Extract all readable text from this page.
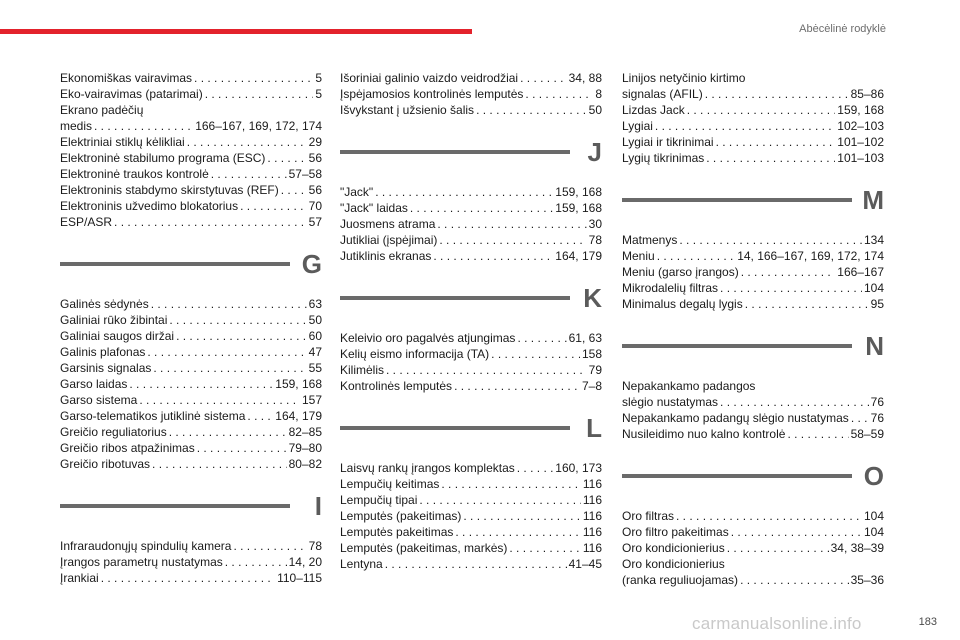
Abėcėlinė rodyklė
Ekonomiškas vairavimas . . .	5
Eko-vairavimas (patarimai) . . .	5
Ekrano padėčių
medis . . .	166–167, 169, 172, 174
Elektriniai stiklų kėlikliai . . .	29
Elektroninė stabilumo programa (ESC) . . .	56
Elektroninė traukos kontrolė . . .	57–58
Elektroninis stabdymo skirstytuvas (REF) . . . 56
Elektroninis užvedimo blokatorius . . .	70
ESP/ASR . . .	57
G
Galinės sėdynės . . .	63
Galiniai rūko žibintai . . .	50
Galiniai saugos diržai . . .	60
Galinis plafonas . . .	47
Garsinis signalas . . .	55
Garso laidas . . .	159, 168
Garso sistema . . .	157
Garso-telematikos jutiklinė sistema . . . 164, 179
Greičio reguliatorius . . .	82–85
Greičio ribos atpažinimas . . .	79–80
Greičio ribotuvas . . .	80–82
I
Infraraudonųjų spindulių kamera . . .	78
Įrangos parametrų nustatymas . . .	14, 20
Įrankiai . . .	110–115
Išoriniai galinio vaizdo veidrodžiai . . .	34, 88
Įspėjamosios kontrolinės lemputės . . .	8
Išvykstant į užsienio šalis . . .	50
J
"Jack" . . .	159, 168
"Jack" laidas . . .	159, 168
Juosmens atrama . . .	30
Jutikliai (įspėjimai) . . .	78
Jutiklinis ekranas . . .	164, 179
K
Keleivio oro pagalvės atjungimas . . .	61, 63
Kelių eismo informacija (TA) . . .	158
Kilimėlis . . .	79
Kontrolinės lemputės . . .	7–8
L
Laisvų rankų įrangos komplektas . . .	160, 173
Lempučių keitimas . . .	116
Lempučių tipai . . .	116
Lemputės (pakeitimas) . . .	116
Lemputės pakeitimas . . .	116
Lemputės (pakeitimas, markės) . . .	116
Lentyna . . .	41–45
Linijos netyčinio kirtimo
signalas (AFIL) . . .	85–86
Lizdas Jack . . .	159, 168
Lygiai . . .	102–103
Lygiai ir tikrinimai . . .	101–102
Lygių tikrinimas . . .	101–103
M
Matmenys . . .	134
Meniu . . .	14, 166–167, 169, 172, 174
Meniu (garso įrangos) . . .	166–167
Mikrodalelių filtras . . .	104
Minimalus degalų lygis . . .	95
N
Nepakankamo padangos
slėgio nustatymas . . .	76
Nepakankamo padangų slėgio nustatymas . . . 76
Nusileidimo nuo kalno kontrolė . . .	58–59
O
Oro filtras . . .	104
Oro filtro pakeitimas . . .	104
Oro kondicionierius . . .	34, 38–39
Oro kondicionierius
(ranka reguliuojamas) . . .	35–36
183
carmanualsonline.info
